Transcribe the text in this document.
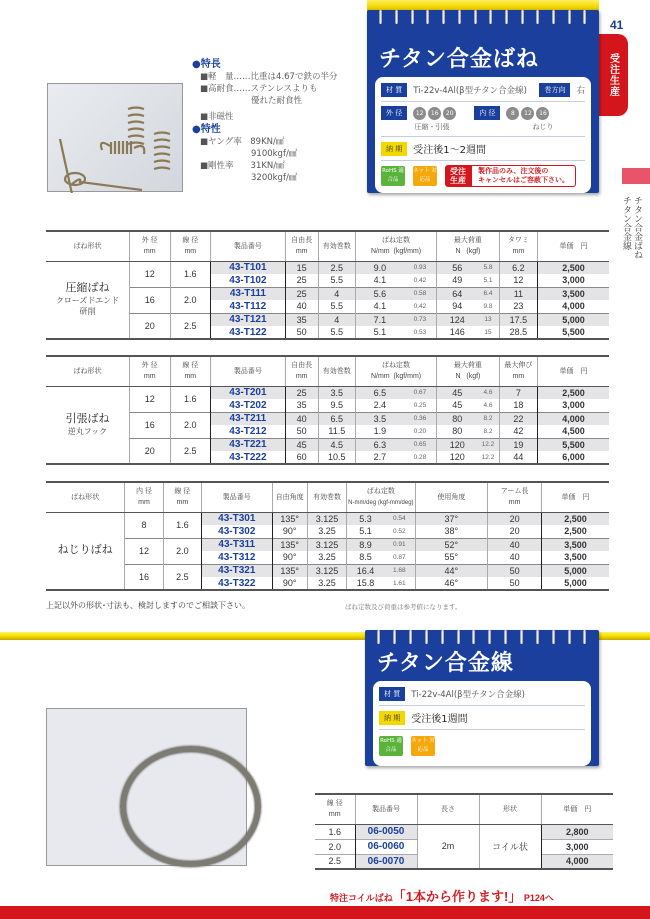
41
受注生産
チタン合金ばね
チタン合金線
チタン合金ばね
材 質	Ti-22v-4Al(β型チタン合金線)	巻方向	右
外 径	12	16	20	内 径	8	12	16
圧縮・引張	ねじり
納 期	受注後1～2週間
RoHS 適合品
ネット 対応品
受注 生産
製作品のみ、注文後の
キャンセルはご容赦下さい。
●特長
■軽　量……比重は4.67で鉄の半分
■高耐食……ステンレスよりも
　　　　　　優れた耐食性
■非磁性
●特性
■ヤング率　89KN/㎟
　　　　　　9100kgf/㎟
■剛性率　　31KN/㎟
　　　　　　3200kgf/㎟
ばね形状	外 径
mm	線 径
mm	製品番号	自由長
mm	有効巻数	ばね定数
N/mm (kgf/mm)		最大荷重
N (kgf)		タワミ
mm	単価　円
圧縮ばね
クローズドエンド
研削	12	1.6	43-T101	15	2.5	9.0	0.93	56	5.8	6.2	2,500
			43-T102	25	5.5	4.1	0.42	49	5.1	12	3,000
	16	2.0	43-T111	25	4	5.6	0.58	64	6.4	11	3,500
			43-T112	40	5.5	4.1	0.42	94	9.8	23	4,000
	20	2.5	43-T121	35	4	7.1	0.73	124	13	17.5	5,000
			43-T122	50	5.5	5.1	0.53	146	15	28.5	5,500
ばね形状	外 径
mm	線 径
mm	製品番号	自由長
mm	有効巻数	ばね定数
N/mm (kgf/mm)		最大荷重
N (kgf)		最大伸び
mm	単価　円
引張ばね
逆丸フック	12	1.6	43-T201	25	3.5	6.5	0.67	45	4.6	7	2,500
			43-T202	35	9.5	2.4	0.25	45	4.6	18	3,000
	16	2.0	43-T211	40	6.5	3.5	0.36	80	8.2	22	4,000
			43-T212	50	11.5	1.9	0.20	80	8.2	42	4,500
	20	2.5	43-T221	45	4.5	6.3	0.65	120	12.2	19	5,500
			43-T222	60	10.5	2.7	0.28	120	12.2	44	6,000
ばね形状	内 径
mm	線 径
mm	製品番号	自由角度	有効巻数	ばね定数
N-mm/deg (kgf-mm/deg)		使用角度	アーム長
mm	単価　円
ねじりばね	8	1.6	43-T301	135°	3.125	5.3	0.54	37°	20	2,500
			43-T302	90°	3.25	5.1	0.52	38°	20	2,500
	12	2.0	43-T311	135°	3.125	8.9	0.91	52°	40	3,500
			43-T312	90°	3.25	8.5	0.87	55°	40	3,500
	16	2.5	43-T321	135°	3.125	16.4	1.68	44°	50	5,000
			43-T322	90°	3.25	15.8	1.61	46°	50	5,000
上記以外の形状･寸法も、検討しますのでご相談下さい。	ばね定数及び荷重は参考値になります。
チタン合金線
材 質	Ti-22v-4Al(β型チタン合金線)
納 期	受注後1週間
RoHS 適合品
ネット 対応品
線 径
mm	製品番号	長さ	形状	単価　円
1.6	06-0050	2m	コイル状	2,800
2.0	06-0060			3,000
2.5	06-0070			4,000
特注コイルばね「1本から作ります!」 P124へ
